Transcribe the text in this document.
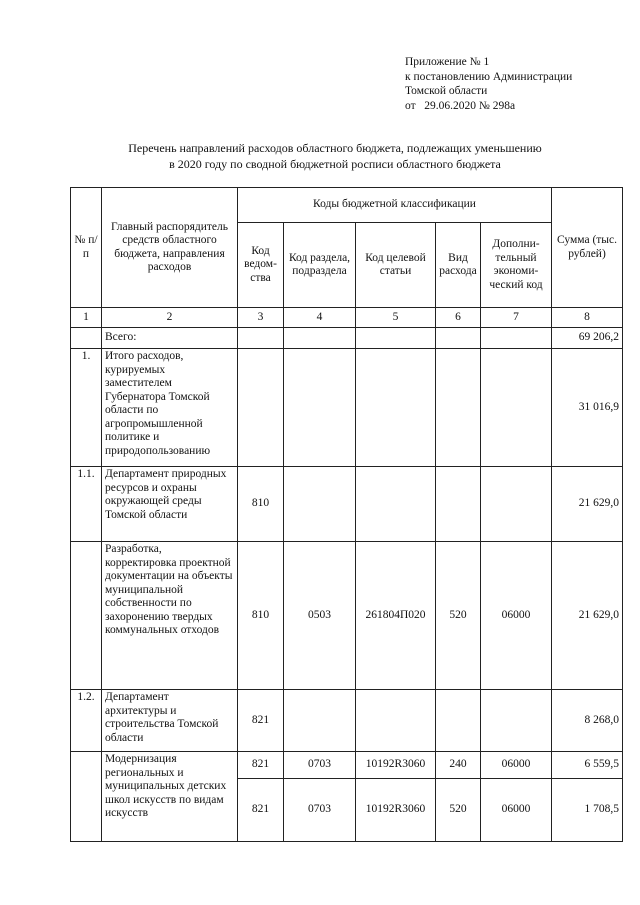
Приложение № 1
к постановлению Администрации
Томской области
от   29.06.2020 № 298а
Перечень направлений расходов областного бюджета, подлежащих уменьшению
в 2020 году по сводной бюджетной росписи областного бюджета
№ п/п	Главный распорядитель средств областного бюджета, направления расходов	Коды бюджетной классификации					Сумма (тыс. рублей)
		Код ведом-ства	Код раздела, подраздела	Код целевой статьи	Вид расхода	Дополни-тельный экономи-ческий код	
1	2	3	4	5	6	7	8
	Всего:						69 206,2
1.	Итого расходов, курируемых заместителем Губернатора Томской области по агропромышленной политике и природопользованию						31 016,9
1.1.	Департамент природных ресурсов и охраны окружающей среды Томской области	810					21 629,0
	Разработка, корректировка проектной документации на объекты муниципальной собственности по захоронению твердых коммунальных отходов	810	0503	261804П020	520	06000	21 629,0
1.2.	Департамент архитектуры и строительства Томской области	821					8 268,0
	Модернизация региональных и муниципальных детских школ искусств по видам искусств	821	0703	10192R3060	240	06000	6 559,5
		821	0703	10192R3060	520	06000	1 708,5
